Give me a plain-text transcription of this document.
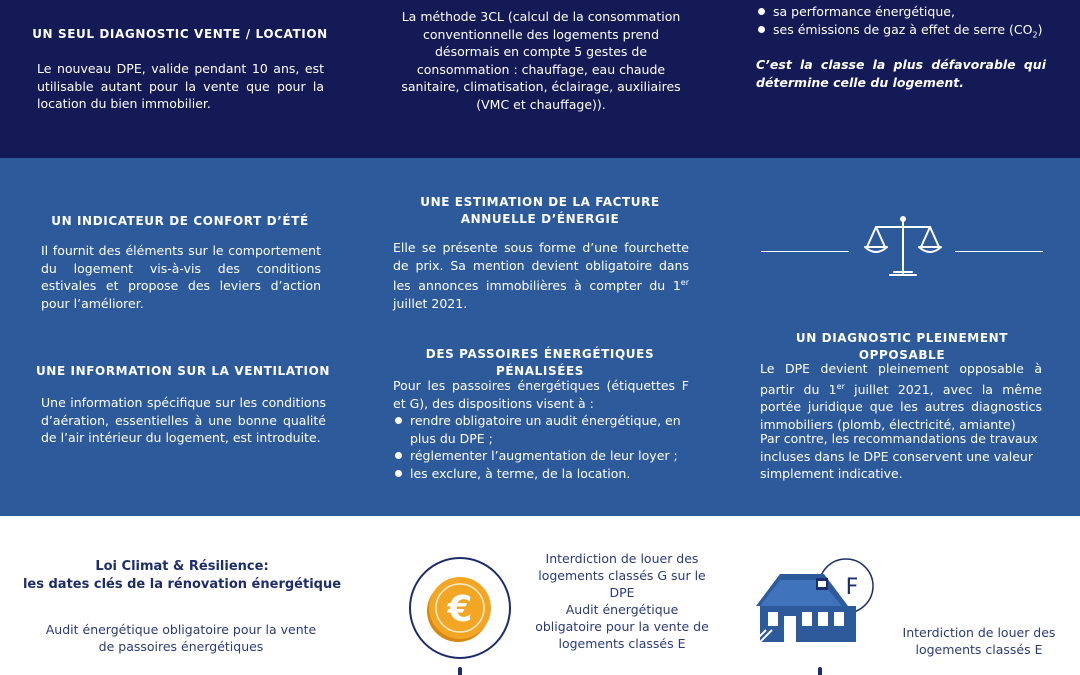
UN SEUL DIAGNOSTIC VENTE / LOCATION
Le nouveau DPE, valide pendant 10 ans, est utilisable autant pour la vente que pour la location du bien immobilier.
La méthode 3CL (calcul de la consommation conventionnelle des logements prend désormais en compte 5 gestes de consommation : chauffage, eau chaude sanitaire, climatisation, éclairage, auxiliaires (VMC et chauffage)).
sa performance énergétique,
ses émissions de gaz à effet de serre $(CO_2)$
C’est la classe la plus défavorable qui détermine celle du logement.
UN INDICATEUR DE CONFORT D’ÉTÉ
Il fournit des éléments sur le comportement du logement vis-à-vis des conditions estivales et propose des leviers d’action pour l’améliorer.
UNE INFORMATION SUR LA VENTILATION
Une information spécifique sur les conditions d’aération, essentielles à une bonne qualité de l’air intérieur du logement, est introduite.
UNE ESTIMATION DE LA FACTURE
ANNUELLE D’ÉNERGIE
Elle se présente sous forme d’une fourchette de prix. Sa mention devient obligatoire dans les annonces immobilières à compter du 1er juillet 2021.
DES PASSOIRES ÉNERGÉTIQUES PÉNALISÉES
Pour les passoires énergétiques (étiquettes F et G), des dispositions visent à :
rendre obligatoire un audit énergétique, en plus du DPE ;
réglementer l’augmentation de leur loyer ;
les exclure, à terme, de la location.
UN DIAGNOSTIC PLEINEMENT OPPOSABLE
Le DPE devient pleinement opposable à partir du 1er juillet 2021, avec la même portée juridique que les autres diagnostics immobiliers (plomb, électricité, amiante)
Par contre, les recommandations de travaux incluses dans le DPE conservent une valeur simplement indicative.
Loi Climat & Résilience:
les dates clés de la rénovation énergétique
Audit énergétique obligatoire pour la vente de passoires énergétiques
€
Interdiction de louer des logements classés G sur le DPE
Audit énergétique obligatoire pour la vente de logements classés E
F
Interdiction de louer des logements classés E
